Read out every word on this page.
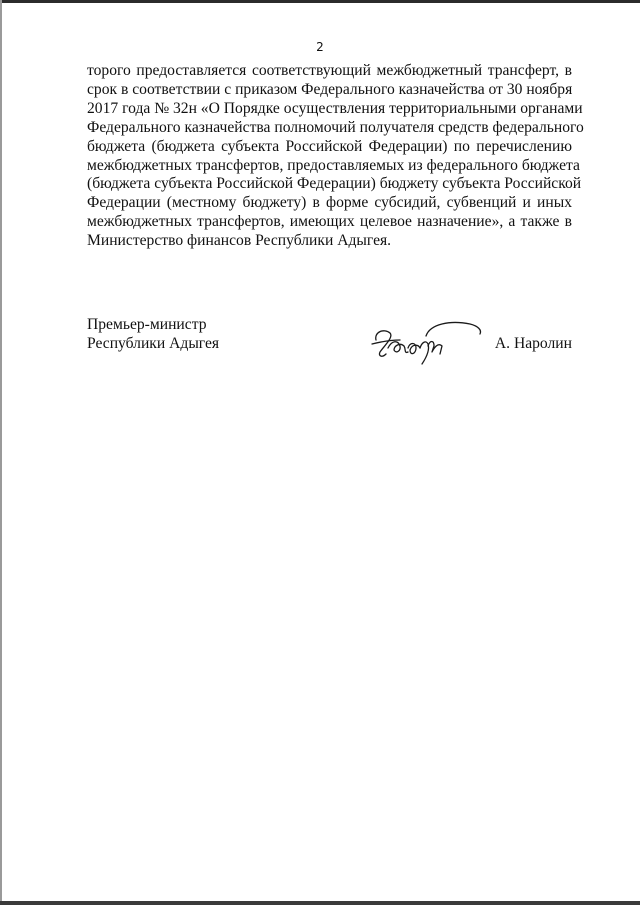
2
торого предоставляется соответствующий межбюджетный трансферт, в
срок в соответствии с приказом Федерального казначейства от 30 ноября
2017 года № 32н «О Порядке осуществления территориальными органами
Федерального казначейства полномочий получателя средств федерального
бюджета (бюджета субъекта Российской Федерации) по перечислению
межбюджетных трансфертов, предоставляемых из федерального бюджета
(бюджета субъекта Российской Федерации) бюджету субъекта Российской
Федерации (местному бюджету) в форме субсидий, субвенций и иных
межбюджетных трансфертов, имеющих целевое назначение», а также в
Министерство финансов Республики Адыгея.
Премьер-министр
Республики Адыгея	А. Наролин
